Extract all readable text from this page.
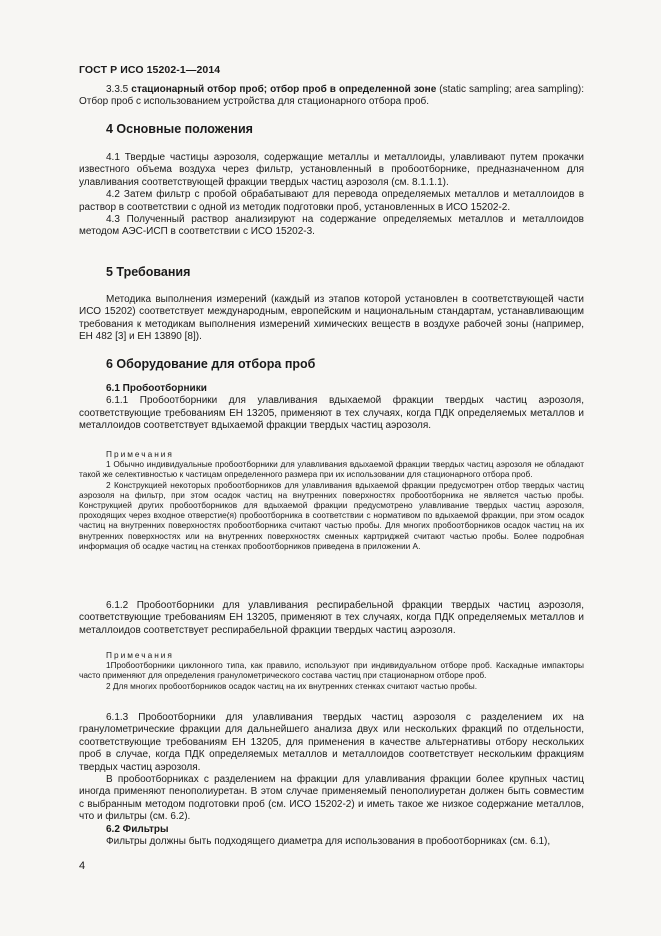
ГОСТ Р ИСО 15202-1—2014

3.3.5 стационарный отбор проб; отбор проб в определенной зоне (static sampling; area sampling): Отбор проб с использованием устройства для стационарного отбора проб.

4 Основные положения

4.1 Твердые частицы аэрозоля, содержащие металлы и металлоиды, улавливают путем прокачки известного объема воздуха через фильтр, установленный в пробоотборнике, предназначенном для улавливания соответствующей фракции твердых частиц аэрозоля (см. 8.1.1.1).

4.2 Затем фильтр с пробой обрабатывают для перевода определяемых металлов и металлоидов в раствор в соответствии с одной из методик подготовки проб, установленных в ИСО 15202-2.

4.3 Полученный раствор анализируют на содержание определяемых металлов и металлоидов методом АЭС-ИСП в соответствии с ИСО 15202-3.

5 Требования

Методика выполнения измерений (каждый из этапов которой установлен в соответствующей части ИСО 15202) соответствует международным, европейским и национальным стандартам, устанавливающим требования к методикам выполнения измерений химических веществ в воздухе рабочей зоны (например, ЕН 482 [3] и ЕН 13890 [8]).

6 Оборудование для отбора проб

6.1 Пробоотборники

6.1.1 Пробоотборники для улавливания вдыхаемой фракции твердых частиц аэрозоля, соответствующие требованиям ЕН 13205, применяют в тех случаях, когда ПДК определяемых металлов и металлоидов соответствует вдыхаемой фракции твердых частиц аэрозоля.

Примечания

1 Обычно индивидуальные пробоотборники для улавливания вдыхаемой фракции твердых частиц аэрозоля не обладают такой же селективностью к частицам определенного размера при их использовании для стационарного отбора проб.

2 Конструкцией некоторых пробоотборников для улавливания вдыхаемой фракции предусмотрен отбор твердых частиц аэрозоля на фильтр, при этом осадок частиц на внутренних поверхностях пробоотборника не является частью пробы. Конструкцией других пробоотборников для вдыхаемой фракции предусмотрено улавливание твердых частиц аэрозоля, проходящих через входное отверстие(я) пробоотборника в соответствии с нормативом по вдыхаемой фракции, при этом осадок частиц на внутренних поверхностях пробоотборника считают частью пробы. Для многих пробоотборников осадок частиц на их внутренних поверхностях или на внутренних поверхностях сменных картриджей считают частью пробы. Более подробная информация об осадке частиц на стенках пробоотборников приведена в приложении А.

6.1.2 Пробоотборники для улавливания респирабельной фракции твердых частиц аэрозоля, соответствующие требованиям ЕН 13205, применяют в тех случаях, когда ПДК определяемых металлов и металлоидов соответствует респирабельной фракции твердых частиц аэрозоля.

Примечания

1Пробоотборники циклонного типа, как правило, используют при индивидуальном отборе проб. Каскадные импакторы часто применяют для определения гранулометрического состава частиц при стационарном отборе проб.

2 Для многих пробоотборников осадок частиц на их внутренних стенках считают частью пробы.

6.1.3 Пробоотборники для улавливания твердых частиц аэрозоля с разделением их на гранулометрические фракции для дальнейшего анализа двух или нескольких фракций по отдельности, соответствующие требованиям ЕН 13205, для применения в качестве альтернативы отбору нескольких проб в случае, когда ПДК определяемых металлов и металлоидов соответствует нескольким фракциям твердых частиц аэрозоля.

В пробоотборниках с разделением на фракции для улавливания фракции более крупных частиц иногда применяют пенополиуретан. В этом случае применяемый пенополиуретан должен быть совместим с выбранным методом подготовки проб (см. ИСО 15202-2) и иметь такое же низкое содержание металлов, что и фильтры (см. 6.2).

6.2 Фильтры

Фильтры должны быть подходящего диаметра для использования в пробоотборниках (см. 6.1),

4
